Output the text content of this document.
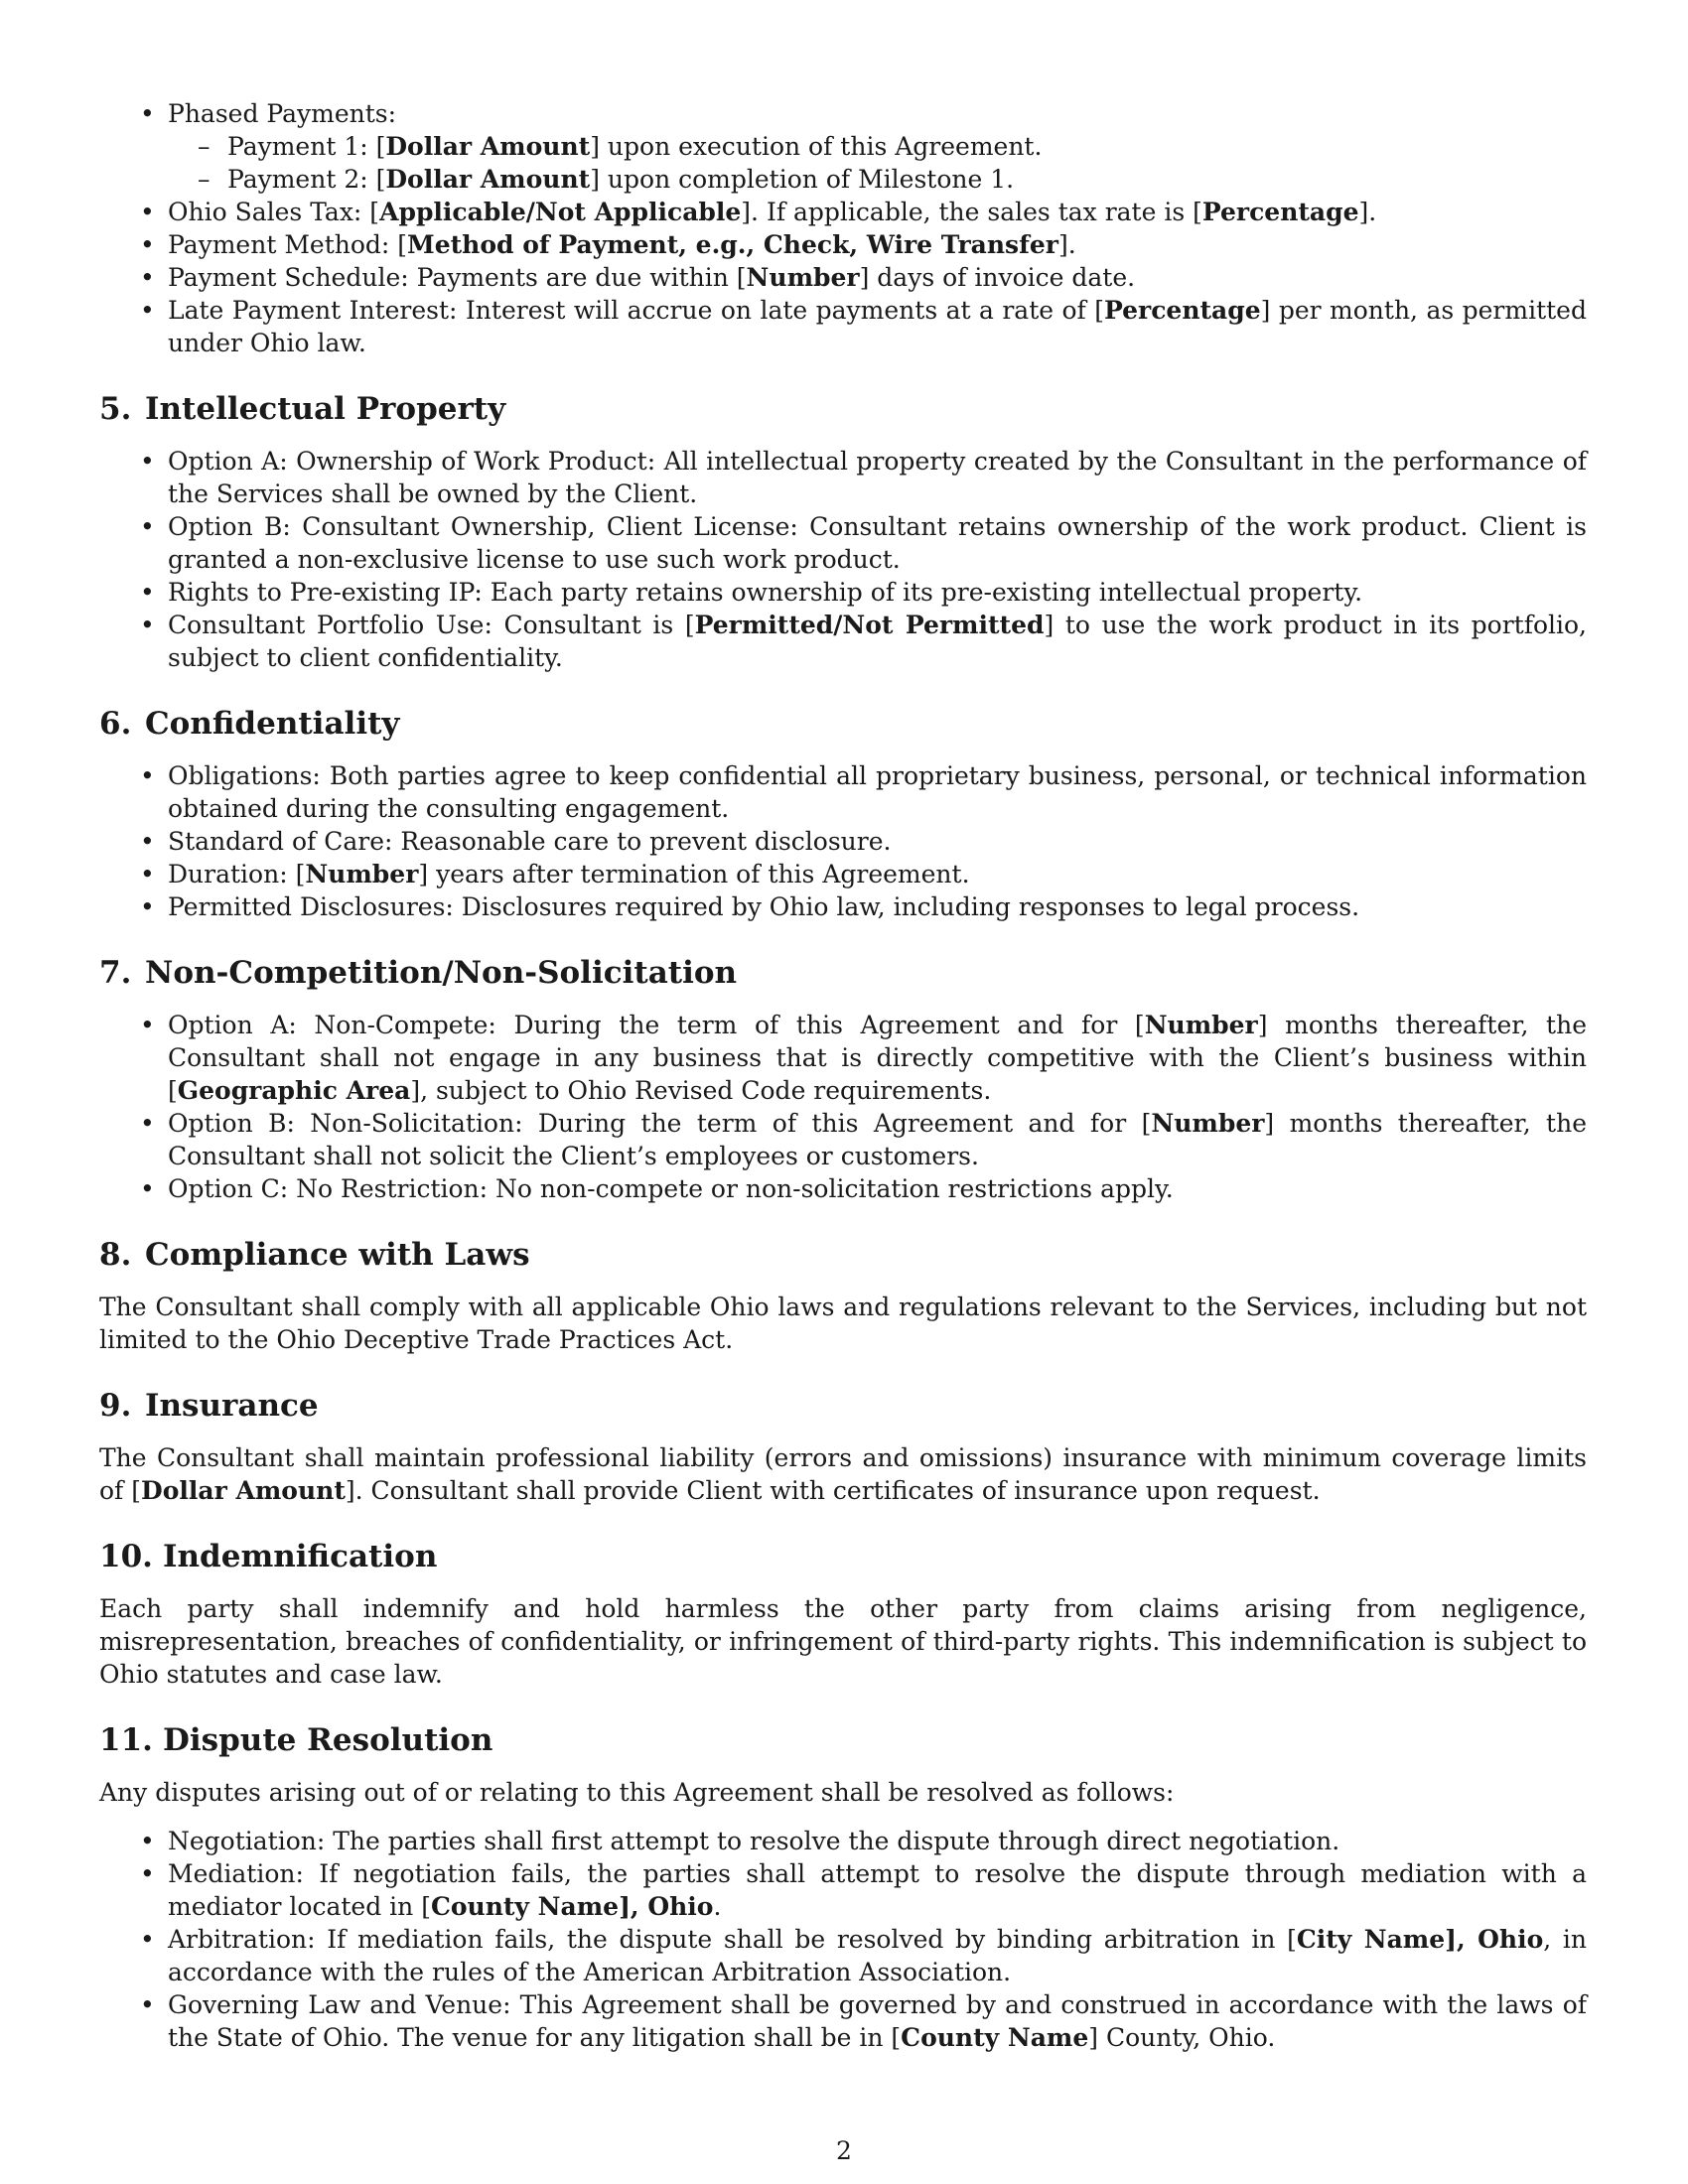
• Phased Payments:
– Payment 1: [Dollar Amount] upon execution of this Agreement.
– Payment 2: [Dollar Amount] upon completion of Milestone 1.
• Ohio Sales Tax: [Applicable/Not Applicable]. If applicable, the sales tax rate is [Percentage].
• Payment Method: [Method of Payment, e.g., Check, Wire Transfer].
• Payment Schedule: Payments are due within [Number] days of invoice date.
• Late Payment Interest: Interest will accrue on late payments at a rate of [Percentage] per month, as permitted under Ohio law.
5. Intellectual Property
• Option A: Ownership of Work Product: All intellectual property created by the Consultant in the performance of the Services shall be owned by the Client.
• Option B: Consultant Ownership, Client License: Consultant retains ownership of the work product. Client is granted a non-exclusive license to use such work product.
• Rights to Pre-existing IP: Each party retains ownership of its pre-existing intellectual property.
• Consultant Portfolio Use: Consultant is [Permitted/Not Permitted] to use the work product in its portfolio, subject to client confidentiality.
6. Confidentiality
• Obligations: Both parties agree to keep confidential all proprietary business, personal, or technical information obtained during the consulting engagement.
• Standard of Care: Reasonable care to prevent disclosure.
• Duration: [Number] years after termination of this Agreement.
• Permitted Disclosures: Disclosures required by Ohio law, including responses to legal process.
7. Non-Competition/Non-Solicitation
• Option A: Non-Compete: During the term of this Agreement and for [Number] months thereafter, the Consultant shall not engage in any business that is directly competitive with the Client’s business within [Geographic Area], subject to Ohio Revised Code requirements.
• Option B: Non-Solicitation: During the term of this Agreement and for [Number] months thereafter, the Consultant shall not solicit the Client’s employees or customers.
• Option C: No Restriction: No non-compete or non-solicitation restrictions apply.
8. Compliance with Laws

The Consultant shall comply with all applicable Ohio laws and regulations relevant to the Services, including but not limited to the Ohio Deceptive Trade Practices Act.

9. Insurance

The Consultant shall maintain professional liability (errors and omissions) insurance with minimum coverage limits of [Dollar Amount]. Consultant shall provide Client with certificates of insurance upon request.

10. Indemnification

Each party shall indemnify and hold harmless the other party from claims arising from negligence, misrepresentation, breaches of confidentiality, or infringement of third-party rights. This indemnification is subject to Ohio statutes and case law.

11. Dispute Resolution

Any disputes arising out of or relating to this Agreement shall be resolved as follows:

• Negotiation: The parties shall first attempt to resolve the dispute through direct negotiation.
• Mediation: If negotiation fails, the parties shall attempt to resolve the dispute through mediation with a mediator located in [County Name], Ohio.
• Arbitration: If mediation fails, the dispute shall be resolved by binding arbitration in [City Name], Ohio, in accordance with the rules of the American Arbitration Association.
• Governing Law and Venue: This Agreement shall be governed by and construed in accordance with the laws of the State of Ohio. The venue for any litigation shall be in [County Name] County, Ohio.
2
